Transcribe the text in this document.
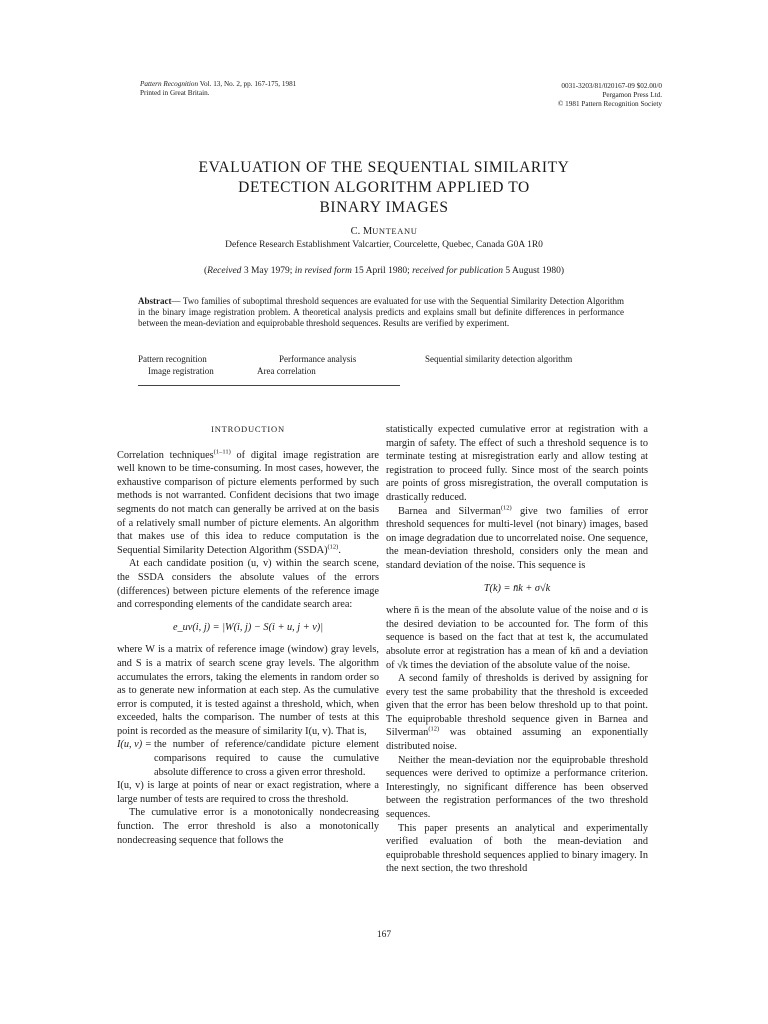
Pattern Recognition Vol. 13, No. 2, pp. 167-175, 1981
Printed in Great Britain.
0031-3203/81/020167-09 $02.00/0
Pergamon Press Ltd.
© 1981 Pattern Recognition Society
EVALUATION OF THE SEQUENTIAL SIMILARITY
DETECTION ALGORITHM APPLIED TO
BINARY IMAGES
C. MUNTEANU
Defence Research Establishment Valcartier, Courcelette, Quebec, Canada G0A 1R0
(Received 3 May 1979; in revised form 15 April 1980; received for publication 5 August 1980)
Abstract— Two families of suboptimal threshold sequences are evaluated for use with the Sequential Similarity Detection Algorithm in the binary image registration problem. A theoretical analysis predicts and explains small but definite differences in performance between the mean-deviation and equiprobable threshold sequences. Results are verified by experiment.
Pattern recognition
Image registration
Performance analysis
Area correlation
Sequential similarity detection algorithm
INTRODUCTION

Correlation techniques$^{(1-11)}$ of digital image registration are well known to be time-consuming. In most cases, however, the exhaustive comparison of picture elements performed by such methods is not warranted. Confident decisions that two image segments do not match can generally be arrived at on the basis of a relatively small number of picture elements. An algorithm that makes use of this idea to reduce computation is the Sequential Similarity Detection Algorithm (SSDA)$^{(12)}$.

At each candidate position (u, v) within the search scene, the SSDA considers the absolute values of the errors (differences) between picture elements of the reference image and corresponding elements of the candidate search area:

e_uv(i, j) = |W(i, j) − S(i + u, j + v)|

where W is a matrix of reference image (window) gray levels, and S is a matrix of search scene gray levels. The algorithm accumulates the errors, taking the elements in random order so as to generate new information at each step. As the cumulative error is computed, it is tested against a threshold, which, when exceeded, halts the comparison. The number of tests at this point is recorded as the measure of similarity I(u, v). That is,

I(u, v) = the number of reference/candidate picture element comparisons required to cause the cumulative absolute difference to cross a given error threshold.

I(u, v) is large at points of near or exact registration, where a large number of tests are required to cross the threshold.

The cumulative error is a monotonically nondecreasing function. The error threshold is also a monotonically nondecreasing sequence that follows the

statistically expected cumulative error at registration with a margin of safety. The effect of such a threshold sequence is to terminate testing at misregistration early and allow testing at registration to proceed fully. Since most of the search points are points of gross misregistration, the overall computation is drastically reduced.

Barnea and Silverman$^{(12)}$ give two families of error threshold sequences for multi-level (not binary) images, based on image degradation due to uncorrelated noise. One sequence, the mean-deviation threshold, considers only the mean and standard deviation of the noise. This sequence is

T(k) = n̄k + σ√k

where n̄ is the mean of the absolute value of the noise and σ is the desired deviation to be accounted for. The form of this sequence is based on the fact that at test k, the accumulated absolute error at registration has a mean of kn̄ and a deviation of √k times the deviation of the absolute value of the noise.

A second family of thresholds is derived by assigning for every test the same probability that the threshold is exceeded given that the error has been below threshold up to that point. The equiprobable threshold sequence given in Barnea and Silverman$^{(12)}$ was obtained assuming an exponentially distributed noise.

Neither the mean-deviation nor the equiprobable threshold sequences were derived to optimize a performance criterion. Interestingly, no significant difference has been observed between the registration performances of the two threshold sequences.

This paper presents an analytical and experimentally verified evaluation of both the mean-deviation and equiprobable threshold sequences applied to binary imagery. In the next section, the two threshold

167
